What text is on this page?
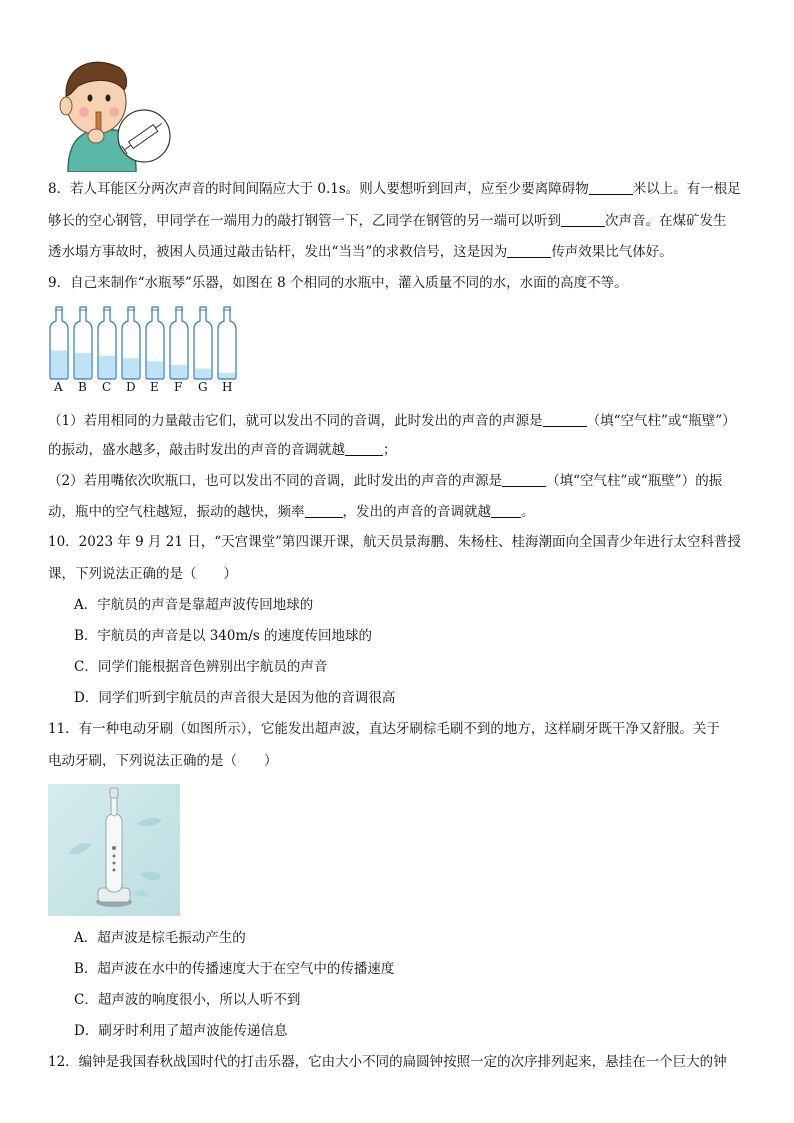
8．若人耳能区分两次声音的时间间隔应大于 0.1s。则人要想听到回声，应至少要离障碍物	米以上。有一根足
够长的空心钢管，甲同学在一端用力的敲打钢管一下，乙同学在钢管的另一端可以听到	次声音。在煤矿发生
透水塌方事故时，被困人员通过敲击钻杆，发出“当当”的求救信号，这是因为	传声效果比气体好。
9．自己来制作“水瓶琴”乐器，如图在 8 个相同的水瓶中，灌入质量不同的水，水面的高度不等。
A B C D E F G H
（1）若用相同的力量敲击它们，就可以发出不同的音调，此时发出的声音的声源是	（填“空气柱”或“瓶壁”）
的振动，盛水越多，敲击时发出的声音的音调就越	；
（2）若用嘴依次吹瓶口，也可以发出不同的音调，此时发出的声音的声源是	（填“空气柱”或“瓶壁”）的振
动，瓶中的空气柱越短，振动的越快，频率	，发出的声音的音调就越 。
10．2023 年 9 月 21 日，“天宫课堂”第四课开课，航天员景海鹏、朱杨柱、桂海潮面向全国青少年进行太空科普授
课，下列说法正确的是（　　）
A．宇航员的声音是靠超声波传回地球的
B．宇航员的声音是以 340m/s 的速度传回地球的
C．同学们能根据音色辨别出宇航员的声音
D．同学们听到宇航员的声音很大是因为他的音调很高
11．有一种电动牙刷（如图所示），它能发出超声波，直达牙刷棕毛刷不到的地方，这样刷牙既干净又舒服。关于
电动牙刷，下列说法正确的是（　　）
A．超声波是棕毛振动产生的
B．超声波在水中的传播速度大于在空气中的传播速度
C．超声波的响度很小，所以人听不到
D．刷牙时利用了超声波能传递信息
12．编钟是我国春秋战国时代的打击乐器，它由大小不同的扁圆钟按照一定的次序排列起来，悬挂在一个巨大的钟
